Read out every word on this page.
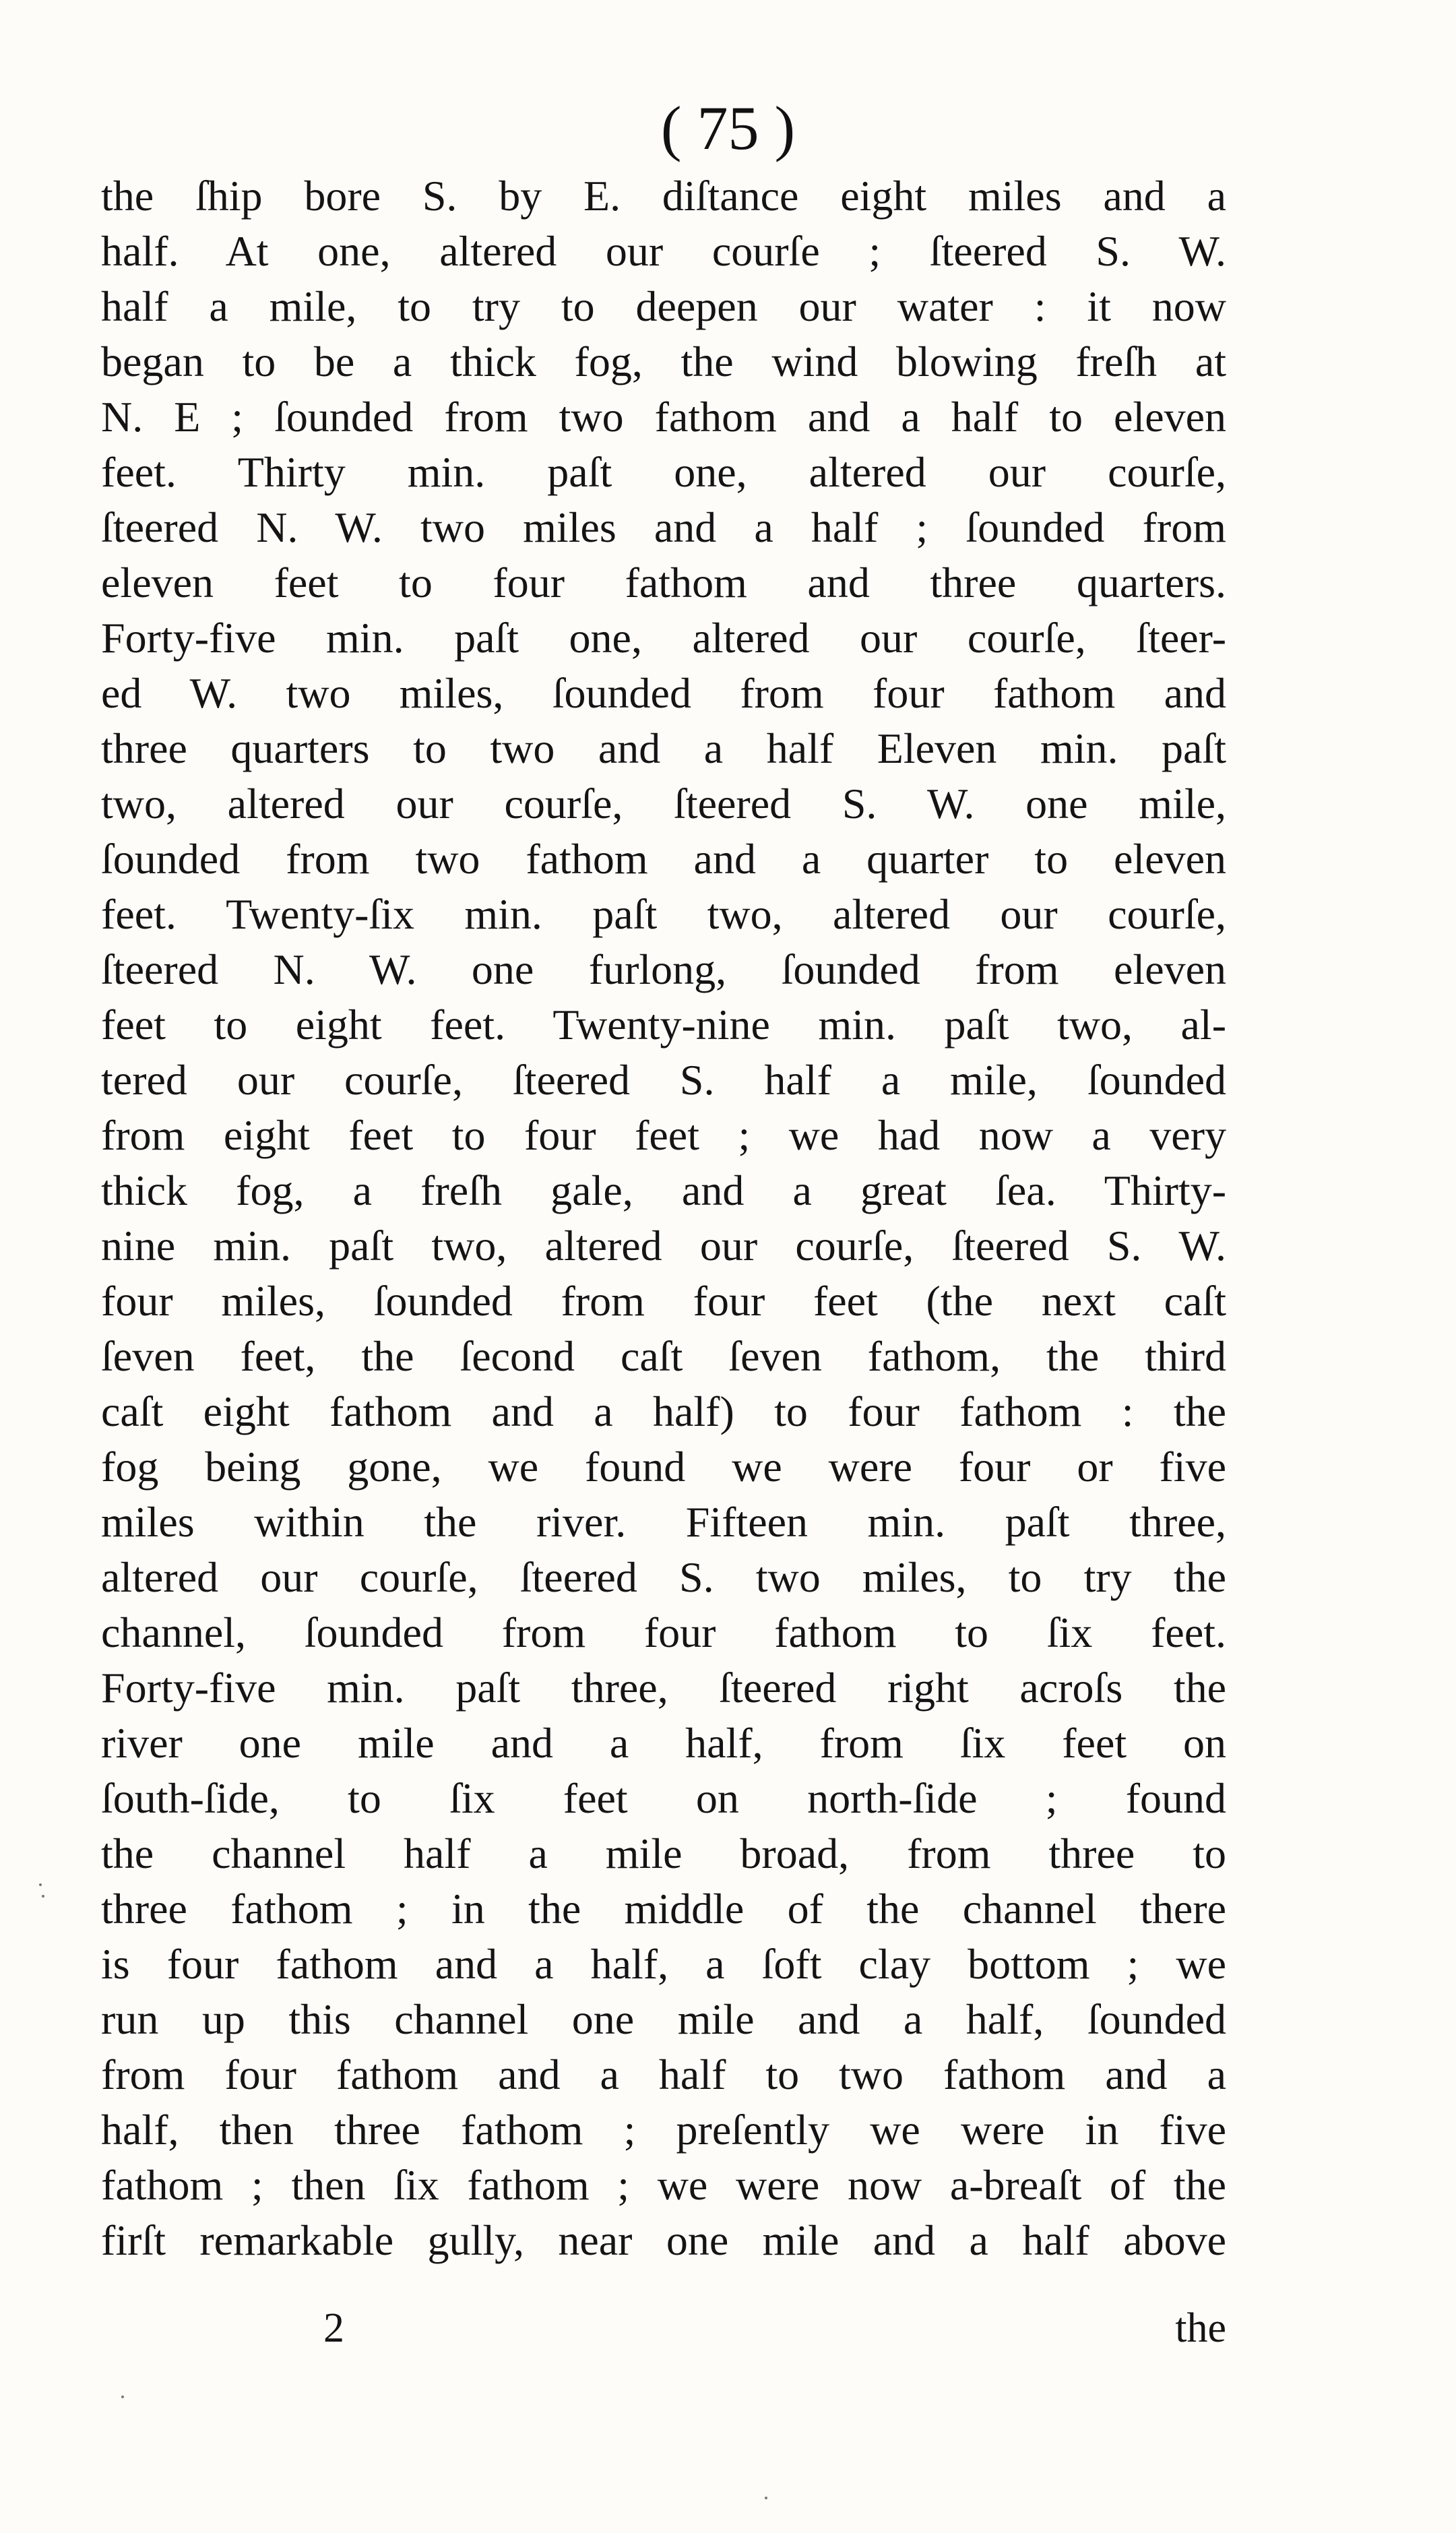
( 75 )
the ſhip bore S. by E. diſtance eight miles and a
half. At one, altered our courſe ; ſteered S. W.
half a mile, to try to deepen our water : it now
began to be a thick fog, the wind blowing freſh at
N. E ; ſounded from two fathom and a half to eleven
feet. Thirty min. paſt one, altered our courſe,
ſteered N. W. two miles and a half ; ſounded from
eleven feet to four fathom and three quarters.
Forty-five min. paſt one, altered our courſe, ſteer-
ed W. two miles, ſounded from four fathom and
three quarters to two and a half Eleven min. paſt
two, altered our courſe, ſteered S. W. one mile,
ſounded from two fathom and a quarter to eleven
feet. Twenty-ſix min. paſt two, altered our courſe,
ſteered N. W. one furlong, ſounded from eleven
feet to eight feet. Twenty-nine min. paſt two, al-
tered our courſe, ſteered S. half a mile, ſounded
from eight feet to four feet ; we had now a very
thick fog, a freſh gale, and a great ſea. Thirty-
nine min. paſt two, altered our courſe, ſteered S. W.
four miles, ſounded from four feet (the next caſt
ſeven feet, the ſecond caſt ſeven fathom, the third
caſt eight fathom and a half) to four fathom : the
fog being gone, we found we were four or five
miles within the river. Fifteen min. paſt three,
altered our courſe, ſteered S. two miles, to try the
channel, ſounded from four fathom to ſix feet.
Forty-five min. paſt three, ſteered right acroſs the
river one mile and a half, from ſix feet on
ſouth-ſide, to ſix feet on north-ſide ; found
the channel half a mile broad, from three to
three fathom ; in the middle of the channel there
is four fathom and a half, a ſoft clay bottom ; we
run up this channel one mile and a half, ſounded
from four fathom and a half to two fathom and a
half, then three fathom ; preſently we were in five
fathom ; then ſix fathom ; we were now a-breaſt of the
firſt remarkable gully, near one mile and a half above
2	the
